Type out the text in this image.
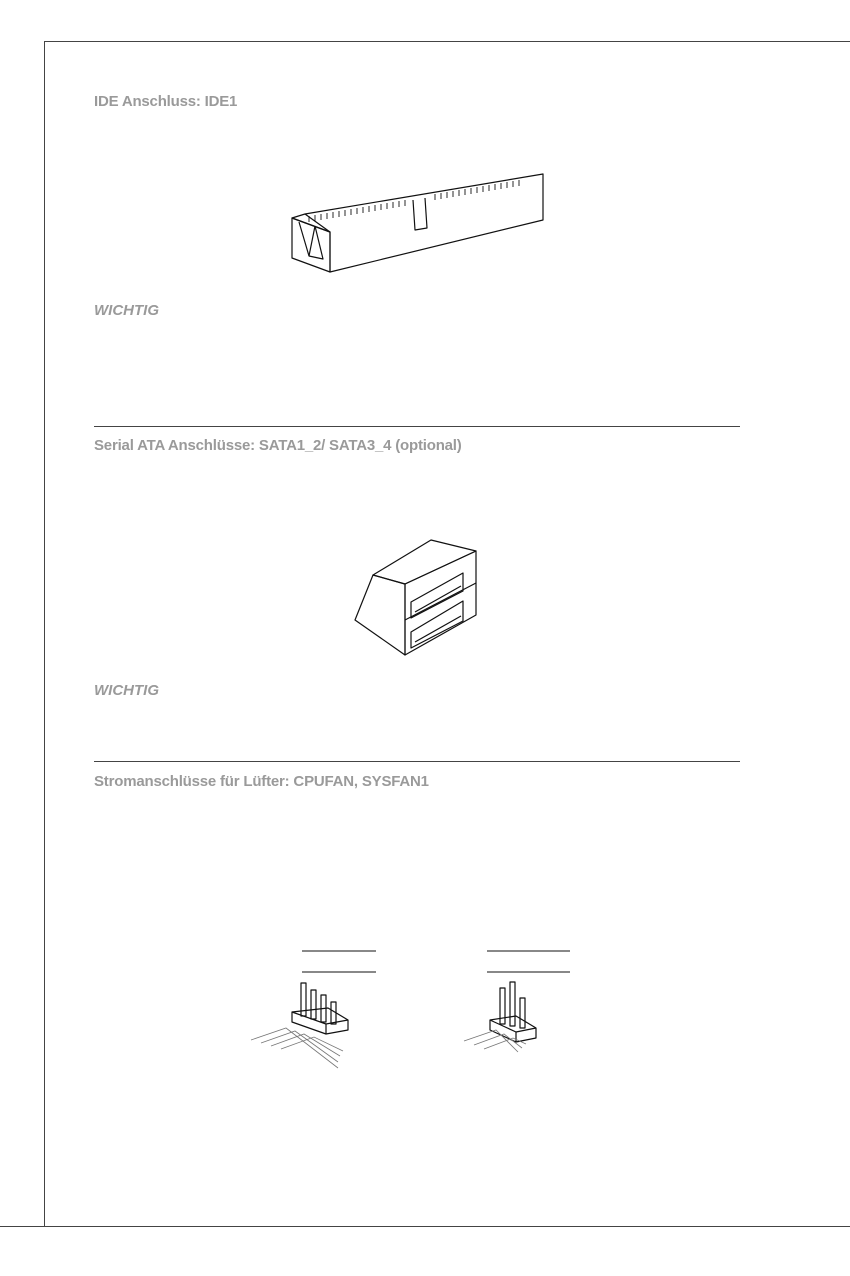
IDE Anschluss: IDE1
WICHTIG
Serial ATA Anschlüsse: SATA1_2/ SATA3_4 (optional)
WICHTIG
Stromanschlüsse für Lüfter: CPUFAN, SYSFAN1
